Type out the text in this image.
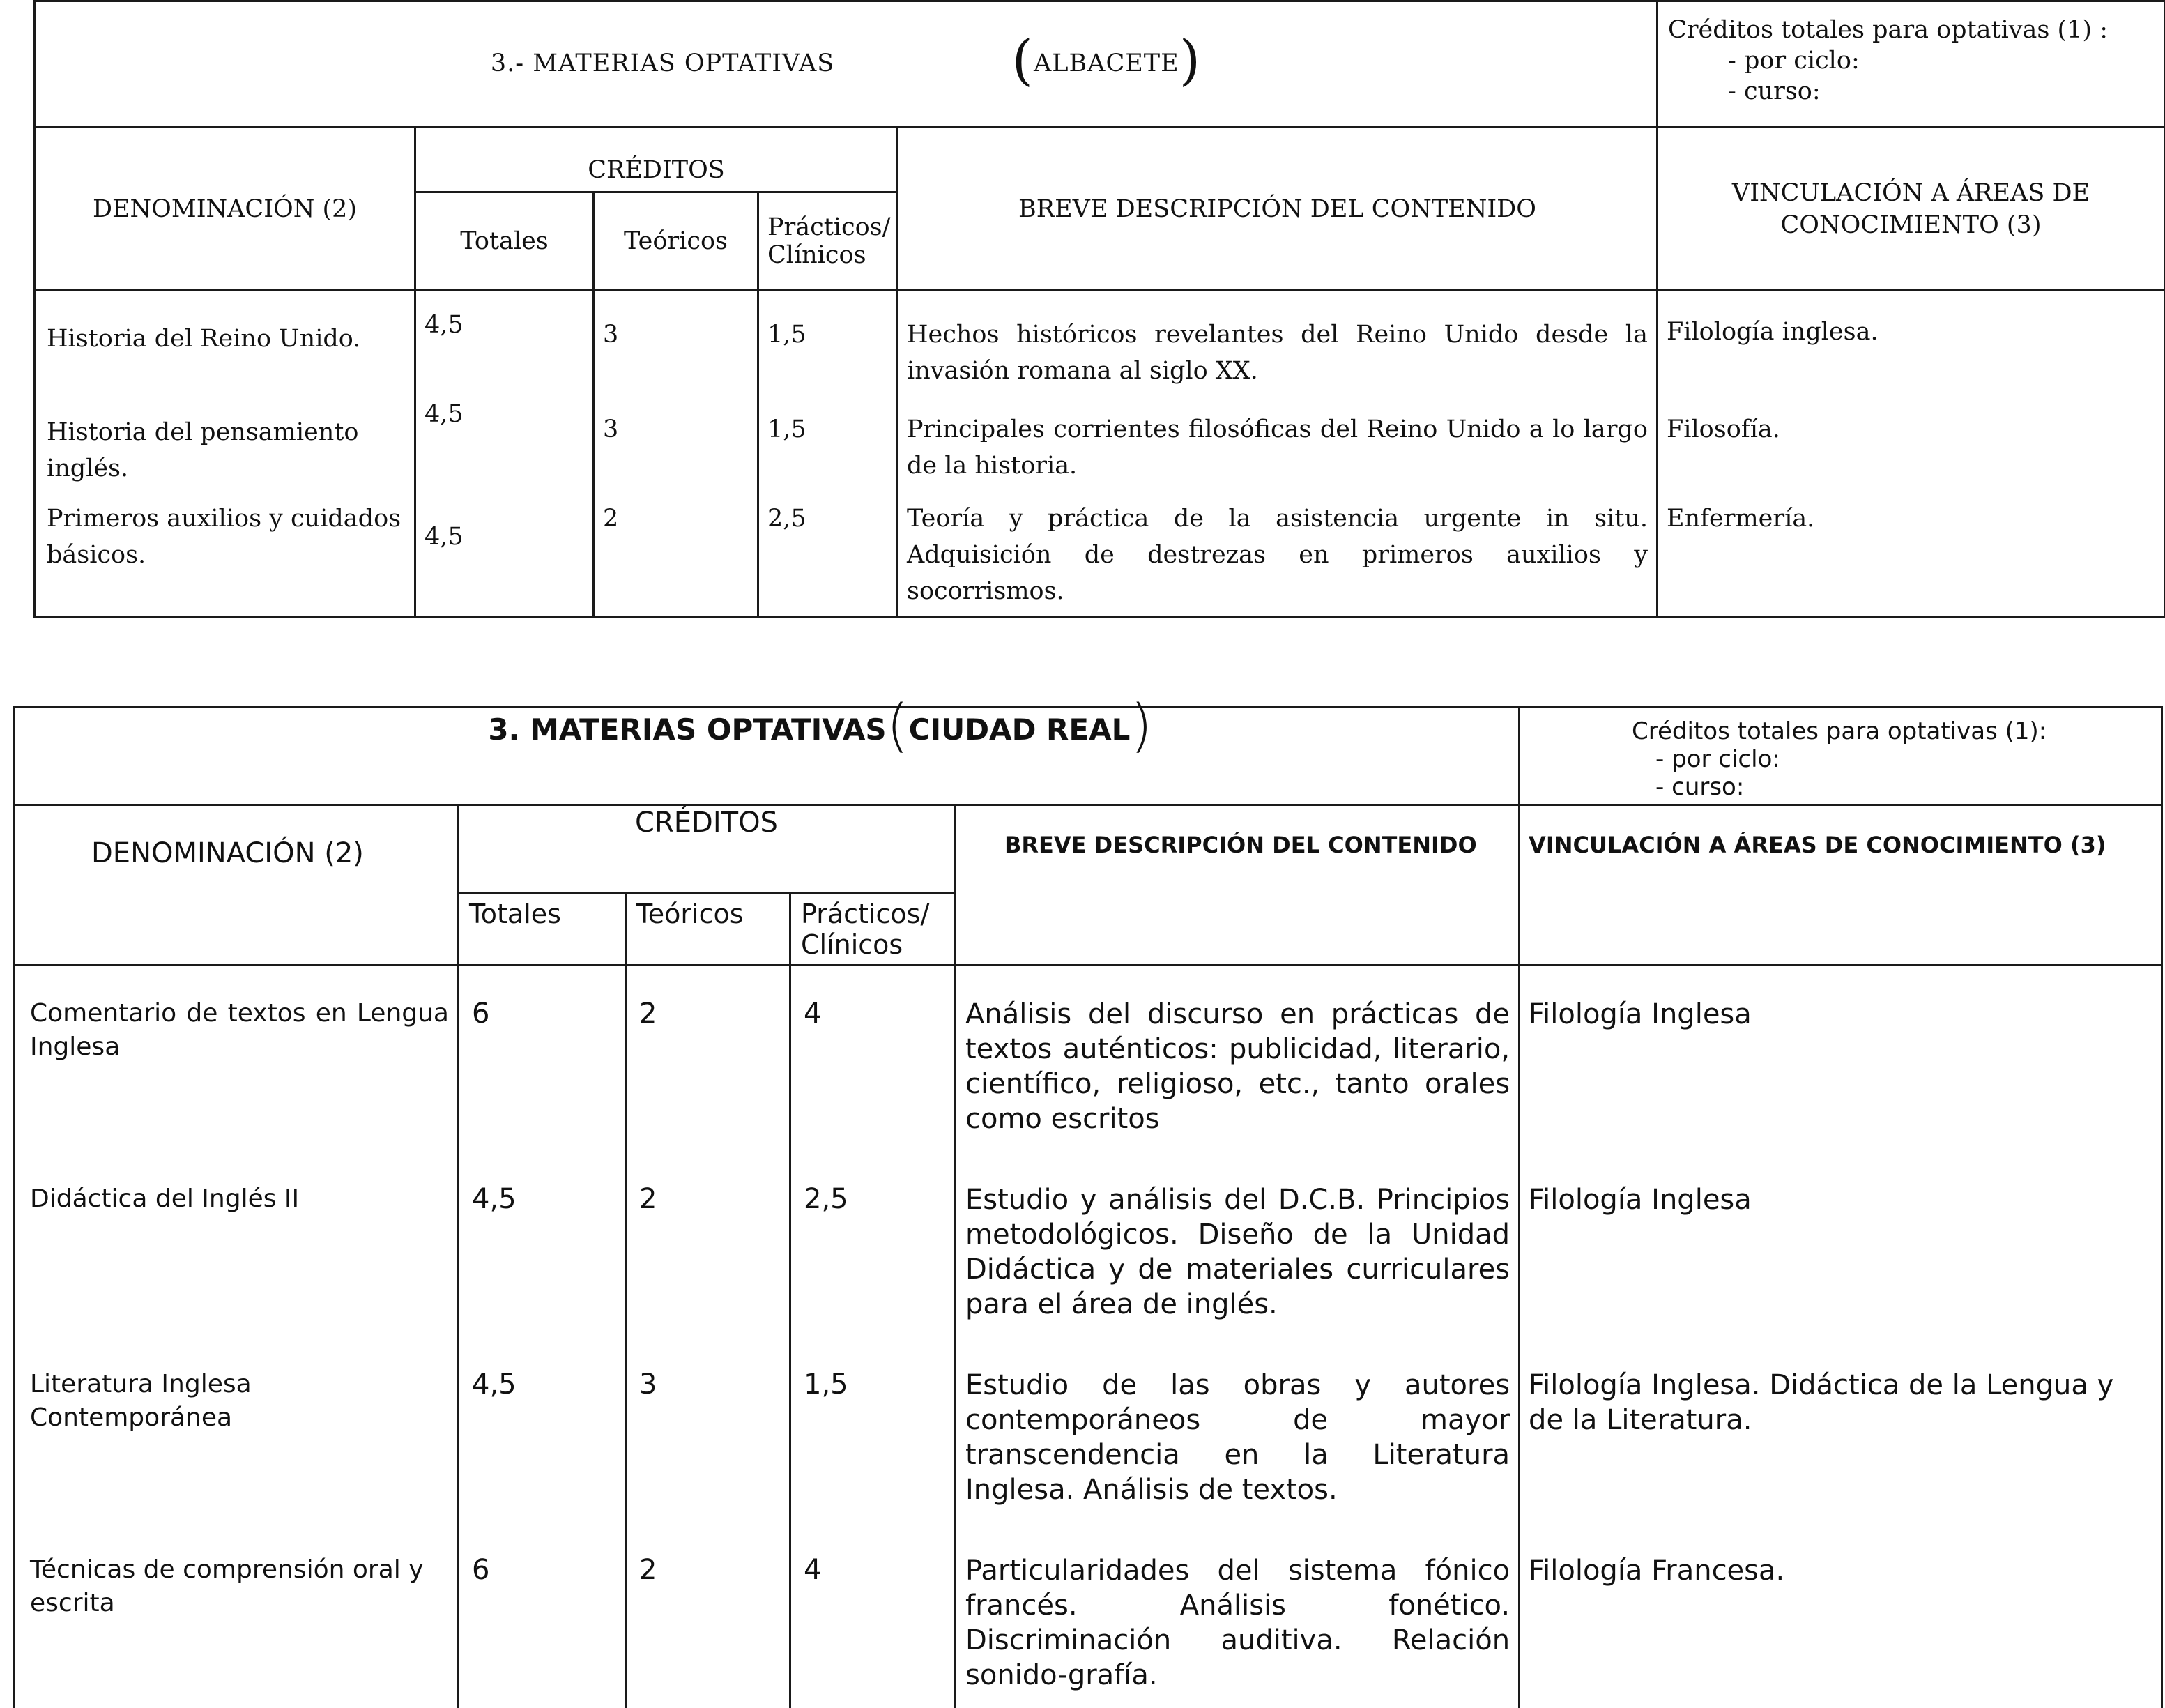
3.- MATERIAS OPTATIVAS (ALBACETE)					Créditos totales para optativas (1) :
- por ciclo:
- curso:

DENOMINACIÓN (2)	CRÉDITOS			BREVE DESCRIPCIÓN DEL CONTENIDO	VINCULACIÓN A ÁREAS DE
CONOCIMIENTO (3)

	Totales	Teóricos	Prácticos/
Clínicos		

Historia del Reino Unido.	4,5	3	1,5	Hechos históricos revelantes del Reino Unido desde la invasión romana al siglo XX.	Filología inglesa.
Historia del pensamiento inglés.	4,5	3	1,5	Principales corrientes filosóficas del Reino Unido a lo largo de la historia.	Filosofía.
Primeros auxilios y cuidados básicos.	4,5	2	2,5	Teoría y práctica de la asistencia urgente in situ. Adquisición de destrezas en primeros auxilios y socorrismos.	Enfermería.
3. MATERIAS OPTATIVAS(CIUDAD REAL)					Créditos totales para optativas (1):
- por ciclo:
- curso:

DENOMINACIÓN (2)	CRÉDITOS			BREVE DESCRIPCIÓN DEL CONTENIDO	VINCULACIÓN A ÁREAS DE CONOCIMIENTO (3)
	Totales	Teóricos	Prácticos/
Clínicos		

Comentario de textos en Lengua Inglesa	6	2	4	Análisis del discurso en prácticas de textos auténticos: publicidad, literario, científico, religioso, etc., tanto orales como escritos	Filología Inglesa
Didáctica del Inglés II	4,5	2	2,5	Estudio y análisis del D.C.B. Principios metodológicos. Diseño de la Unidad Didáctica y de materiales curriculares para el área de inglés.	Filología Inglesa
Literatura Inglesa Contemporánea	4,5	3	1,5	Estudio de las obras y autores contemporáneos de mayor transcendencia en la Literatura Inglesa. Análisis de textos.	Filología Inglesa. Didáctica de la Lengua y de la Literatura.
Técnicas de comprensión oral y escrita	6	2	4	Particularidades del sistema fónico francés. Análisis fonético. Discriminación auditiva. Relación sonido-grafía.	Filología Francesa.
